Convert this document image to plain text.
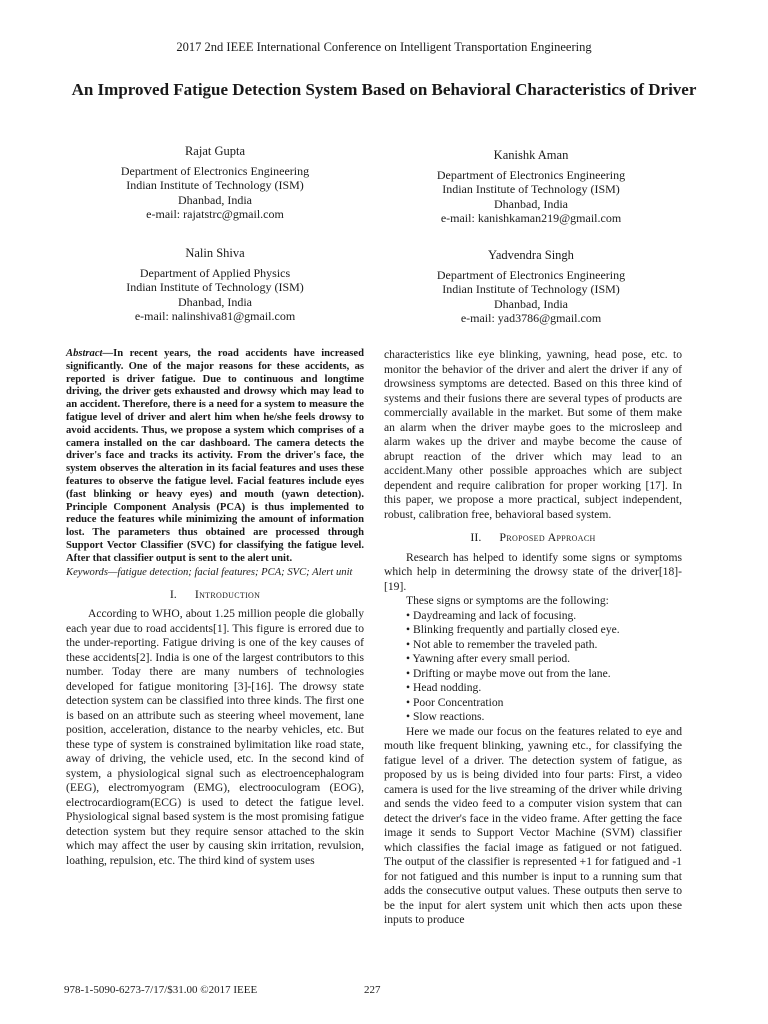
2017 2nd IEEE International Conference on Intelligent Transportation Engineering
An Improved Fatigue Detection System Based on Behavioral Characteristics of Driver
Rajat Gupta
Department of Electronics Engineering
Indian Institute of Technology (ISM)
Dhanbad, India
e-mail: rajatstrc@gmail.com
Kanishk Aman
Department of Electronics Engineering
Indian Institute of Technology (ISM)
Dhanbad, India
e-mail: kanishkaman219@gmail.com
Nalin Shiva
Department of Applied Physics
Indian Institute of Technology (ISM)
Dhanbad, India
e-mail: nalinshiva81@gmail.com
Yadvendra Singh
Department of Electronics Engineering
Indian Institute of Technology (ISM)
Dhanbad, India
e-mail: yad3786@gmail.com

Abstract—In recent years, the road accidents have increased significantly. One of the major reasons for these accidents, as reported is driver fatigue. Due to continuous and longtime driving, the driver gets exhausted and drowsy which may lead to an accident. Therefore, there is a need for a system to measure the fatigue level of driver and alert him when he/she feels drowsy to avoid accidents. Thus, we propose a system which comprises of a camera installed on the car dashboard. The camera detects the driver's face and tracks its activity. From the driver's face, the system observes the alteration in its facial features and uses these features to observe the fatigue level. Facial features include eyes (fast blinking or heavy eyes) and mouth (yawn detection). Principle Component Analysis (PCA) is thus implemented to reduce the features while minimizing the amount of information lost. The parameters thus obtained are processed through Support Vector Classifier (SVC) for classifying the fatigue level. After that classifier output is sent to the alert unit.

Keywords—fatigue detection; facial features; PCA; SVC; Alert unit

I. Introduction

According to WHO, about 1.25 million people die globally each year due to road accidents[1]. This figure is errored due to the under-reporting. Fatigue driving is one of the key causes of these accidents[2]. India is one of the largest contributors to this number. Today there are many numbers of technologies developed for fatigue monitoring [3]-[16]. The drowsy state detection system can be classified into three kinds. The first one is based on an attribute such as steering wheel movement, lane position, acceleration, distance to the nearby vehicles, etc. But these type of system is constrained bylimitation like road state, away of driving, the vehicle used, etc. In the second kind of system, a physiological signal such as electroencephalogram (EEG), electromyogram (EMG), electrooculogram (EOG), electrocardiogram(ECG) is used to detect the fatigue level. Physiological signal based system is the most promising fatigue detection system but they require sensor attached to the skin which may affect the user by causing skin irritation, revulsion, loathing, repulsion, etc. The third kind of system uses

characteristics like eye blinking, yawning, head pose, etc. to monitor the behavior of the driver and alert the driver if any of drowsiness symptoms are detected. Based on this three kind of systems and their fusions there are several types of products are commercially available in the market. But some of them make an alarm when the driver maybe goes to the microsleep and alarm wakes up the driver and maybe become the cause of abrupt reaction of the driver which may lead to an accident.Many other possible approaches which are subject dependent and require calibration for proper working [17]. In this paper, we propose a more practical, subject independent, robust, calibration free, behavioral based system.

II. Proposed Approach

Research has helped to identify some signs or symptoms which help in determining the drowsy state of the driver[18]-[19].

These signs or symptoms are the following:

• Daydreaming and lack of focusing.
• Blinking frequently and partially closed eye.
• Not able to remember the traveled path.
• Yawning after every small period.
• Drifting or maybe move out from the lane.
• Head nodding.
• Poor Concentration
• Slow reactions.

Here we made our focus on the features related to eye and mouth like frequent blinking, yawning etc., for classifying the fatigue level of a driver. The detection system of fatigue, as proposed by us is being divided into four parts: First, a video camera is used for the live streaming of the driver while driving and sends the video feed to a computer vision system that can detect the driver's face in the video frame. After getting the face image it sends to Support Vector Machine (SVM) classifier which classifies the facial image as fatigued or not fatigued. The output of the classifier is represented +1 for fatigued and -1 for not fatigued and this number is input to a running sum that adds the consecutive output values. These outputs then serve to be the input for alert system unit which then acts upon these inputs to produce

978-1-5090-6273-7/17/$31.00 ©2017 IEEE	227
